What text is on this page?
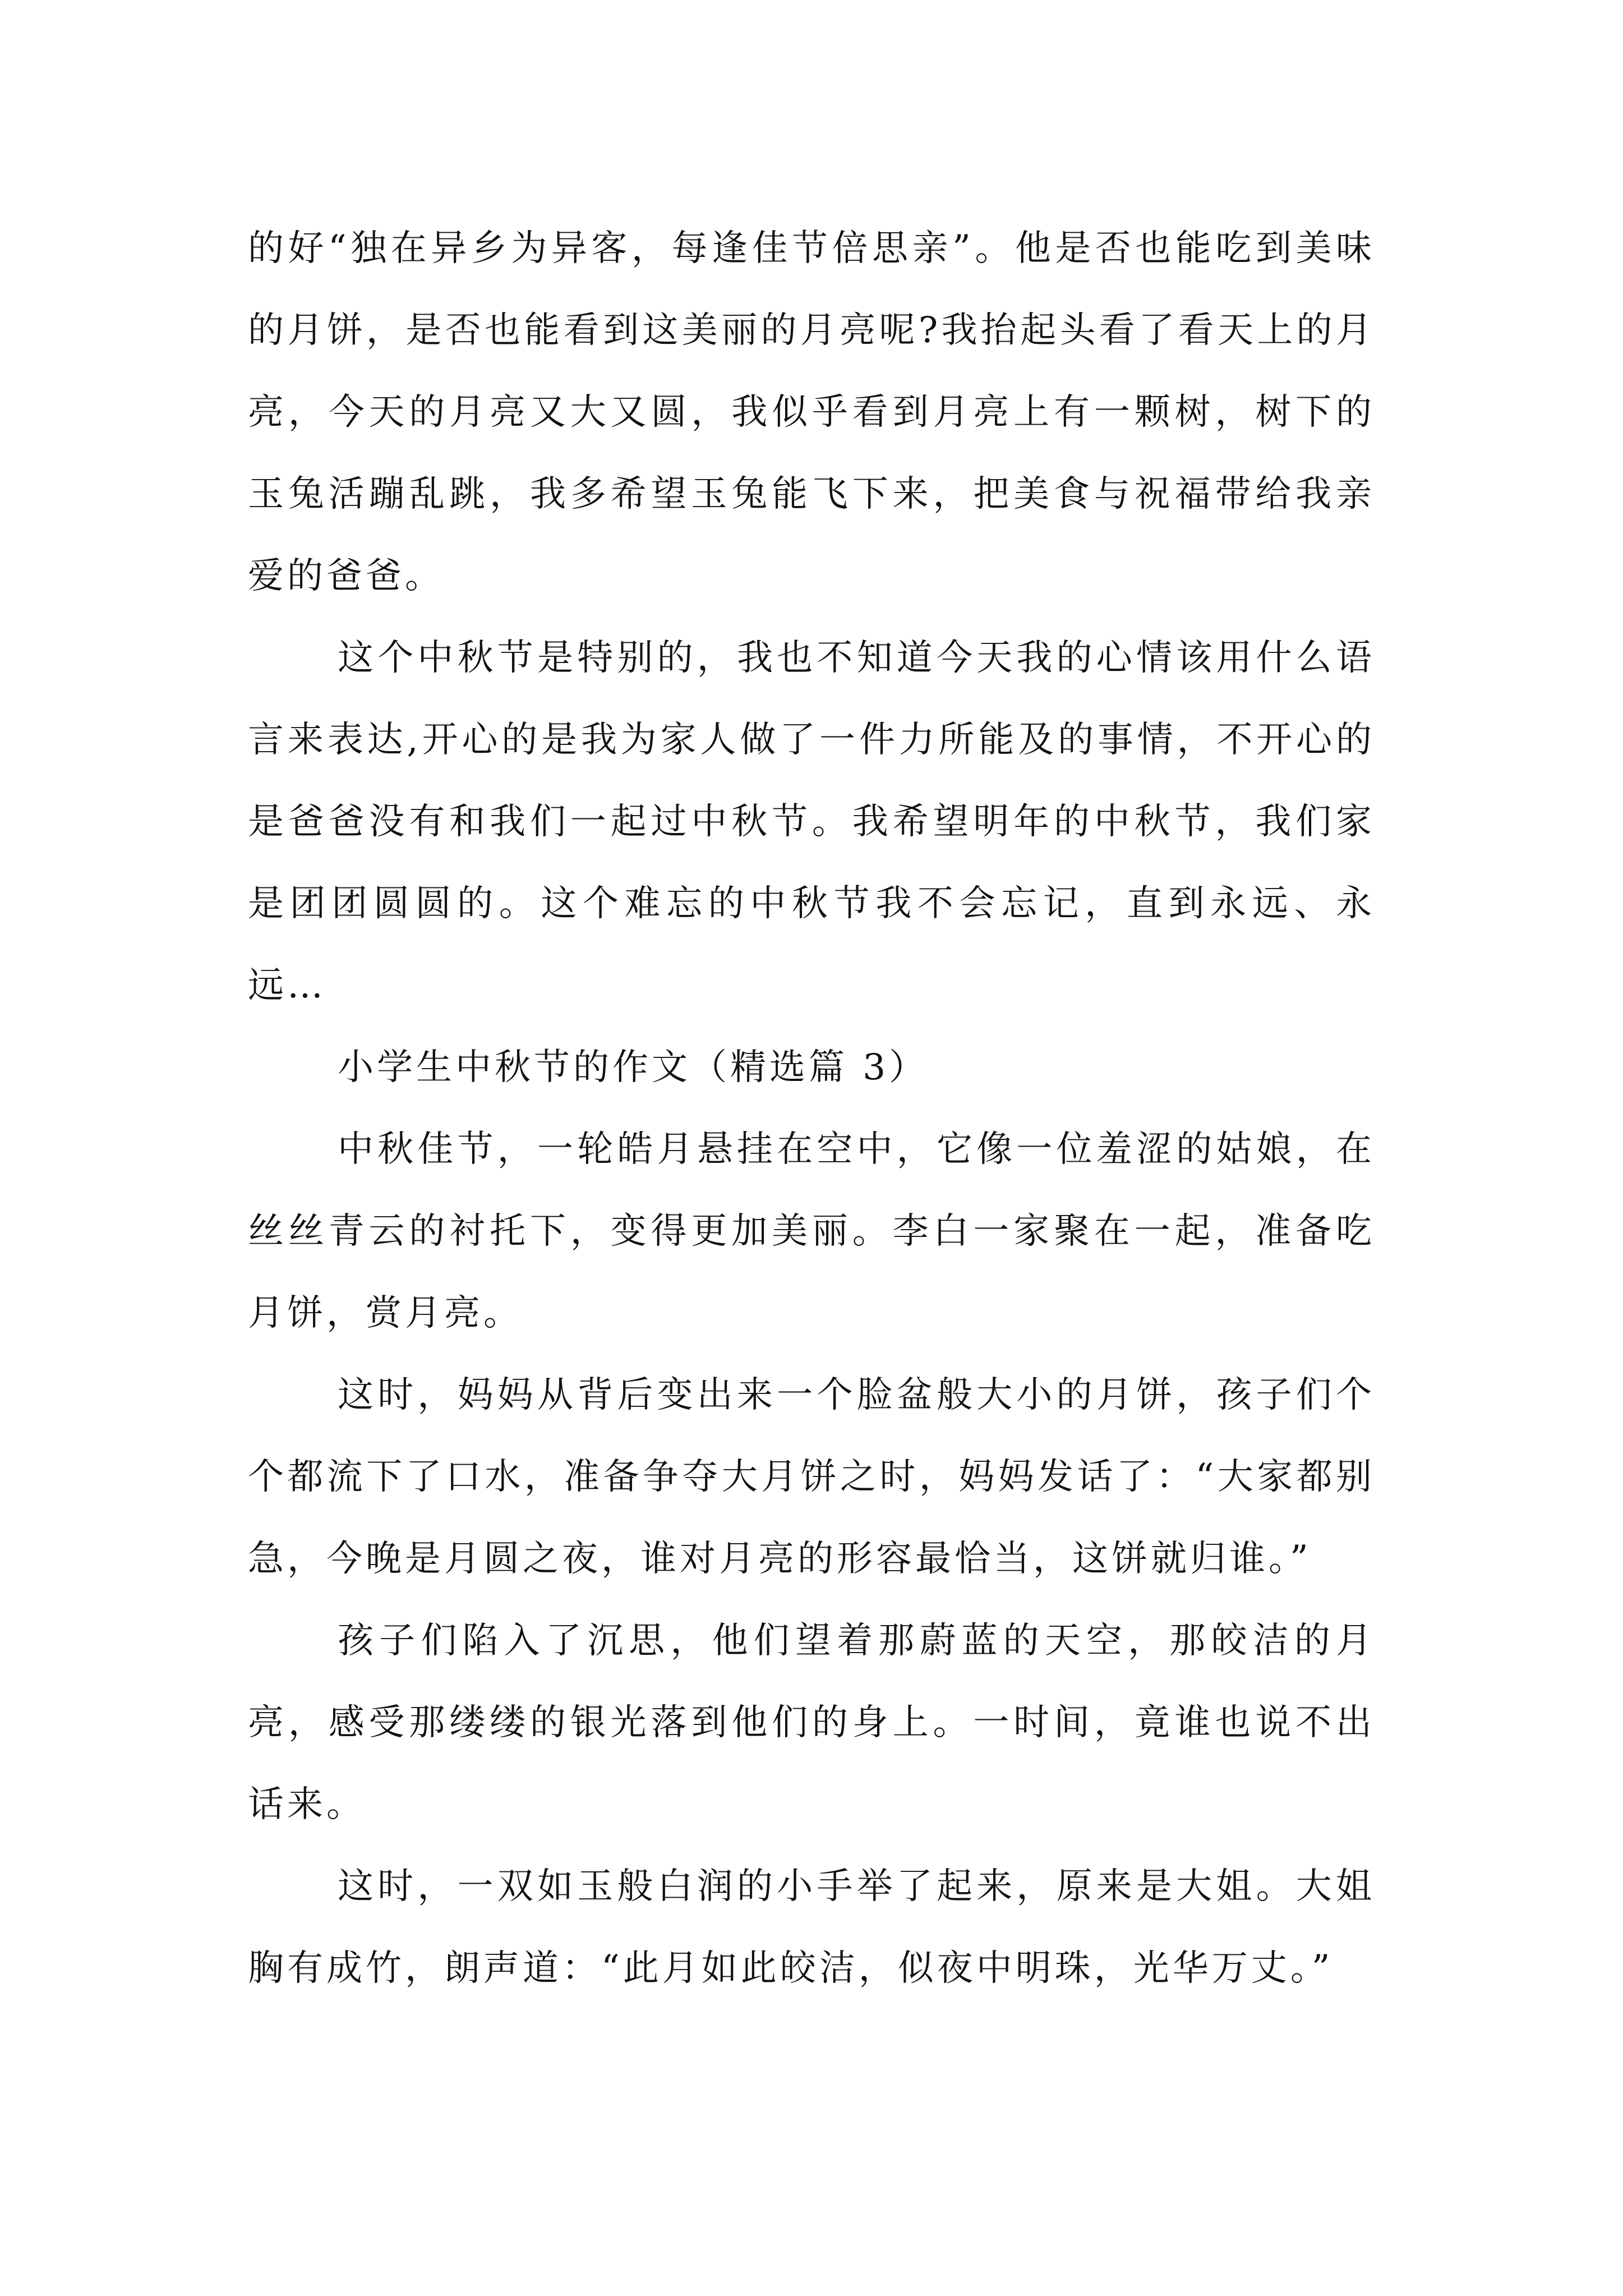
的好“独在异乡为异客，每逢佳节倍思亲”。他是否也能吃到美味的月饼，是否也能看到这美丽的月亮呢?我抬起头看了看天上的月亮，今天的月亮又大又圆，我似乎看到月亮上有一颗树，树下的玉兔活蹦乱跳，我多希望玉兔能飞下来，把美食与祝福带给我亲爱的爸爸。

这个中秋节是特别的，我也不知道今天我的心情该用什么语言来表达,开心的是我为家人做了一件力所能及的事情，不开心的是爸爸没有和我们一起过中秋节。我希望明年的中秋节，我们家是团团圆圆的。这个难忘的中秋节我不会忘记，直到永远、永远…

小学生中秋节的作文（精选篇 3）

中秋佳节，一轮皓月悬挂在空中，它像一位羞涩的姑娘，在丝丝青云的衬托下，变得更加美丽。李白一家聚在一起，准备吃月饼，赏月亮。

这时，妈妈从背后变出来一个脸盆般大小的月饼，孩子们个个都流下了口水，准备争夺大月饼之时，妈妈发话了：“大家都别急，今晚是月圆之夜，谁对月亮的形容最恰当，这饼就归谁。”

孩子们陷入了沉思，他们望着那蔚蓝的天空，那皎洁的月亮，感受那缕缕的银光落到他们的身上。一时间，竟谁也说不出话来。

这时，一双如玉般白润的小手举了起来，原来是大姐。大姐胸有成竹，朗声道：“此月如此皎洁，似夜中明珠，光华万丈。”
